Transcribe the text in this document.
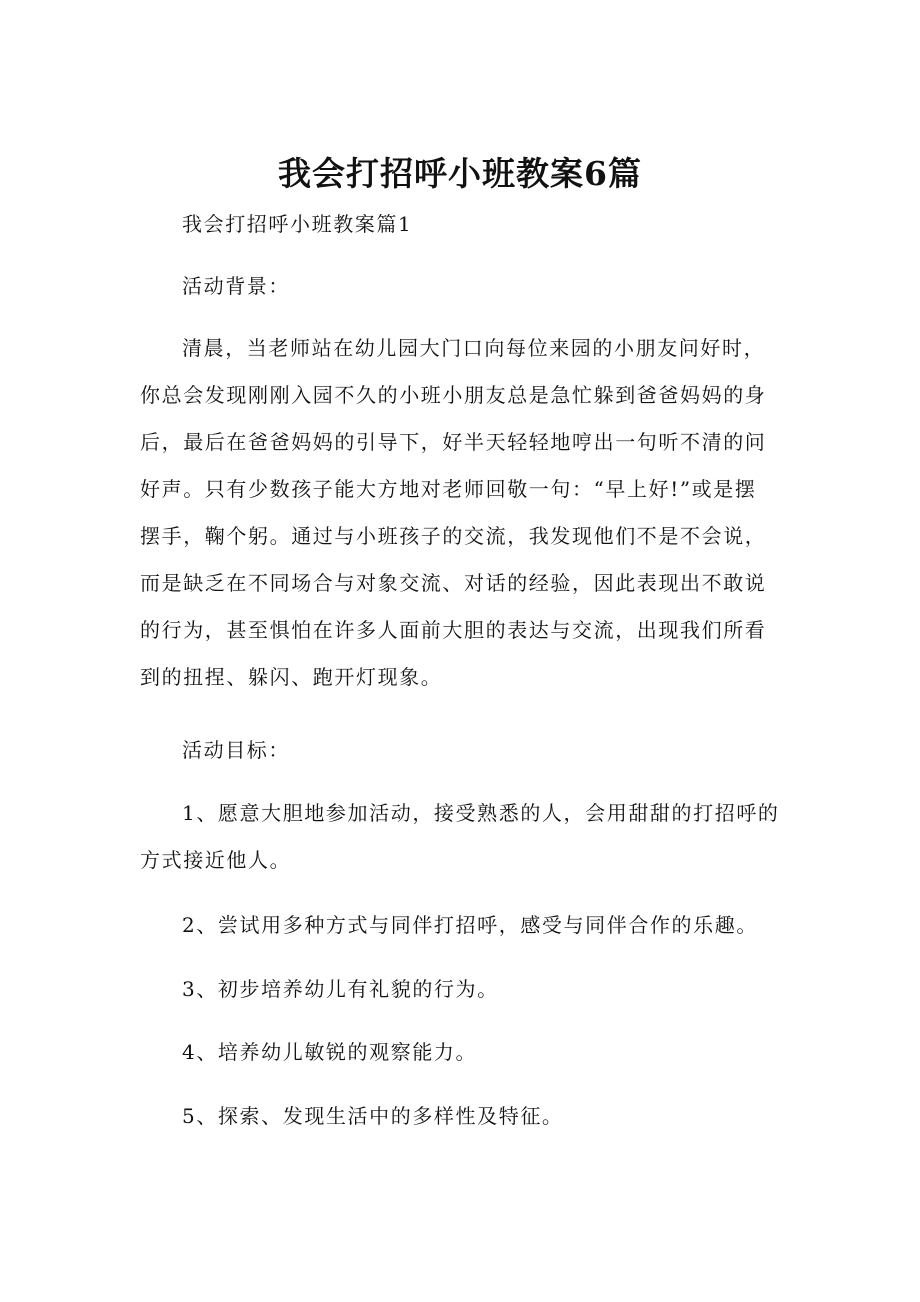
我会打招呼小班教案6篇
我会打招呼小班教案篇1
活动背景：
清晨，当老师站在幼儿园大门口向每位来园的小朋友问好时，
你总会发现刚刚入园不久的小班小朋友总是急忙躲到爸爸妈妈的身
后，最后在爸爸妈妈的引导下，好半天轻轻地哼出一句听不清的问
好声。只有少数孩子能大方地对老师回敬一句：“早上好!”或是摆
摆手，鞠个躬。通过与小班孩子的交流，我发现他们不是不会说，
而是缺乏在不同场合与对象交流、对话的经验，因此表现出不敢说
的行为，甚至惧怕在许多人面前大胆的表达与交流，出现我们所看
到的扭捏、躲闪、跑开灯现象。
活动目标：
1、愿意大胆地参加活动，接受熟悉的人，会用甜甜的打招呼的
方式接近他人。
2、尝试用多种方式与同伴打招呼，感受与同伴合作的乐趣。
3、初步培养幼儿有礼貌的行为。
4、培养幼儿敏锐的观察能力。
5、探索、发现生活中的多样性及特征。
